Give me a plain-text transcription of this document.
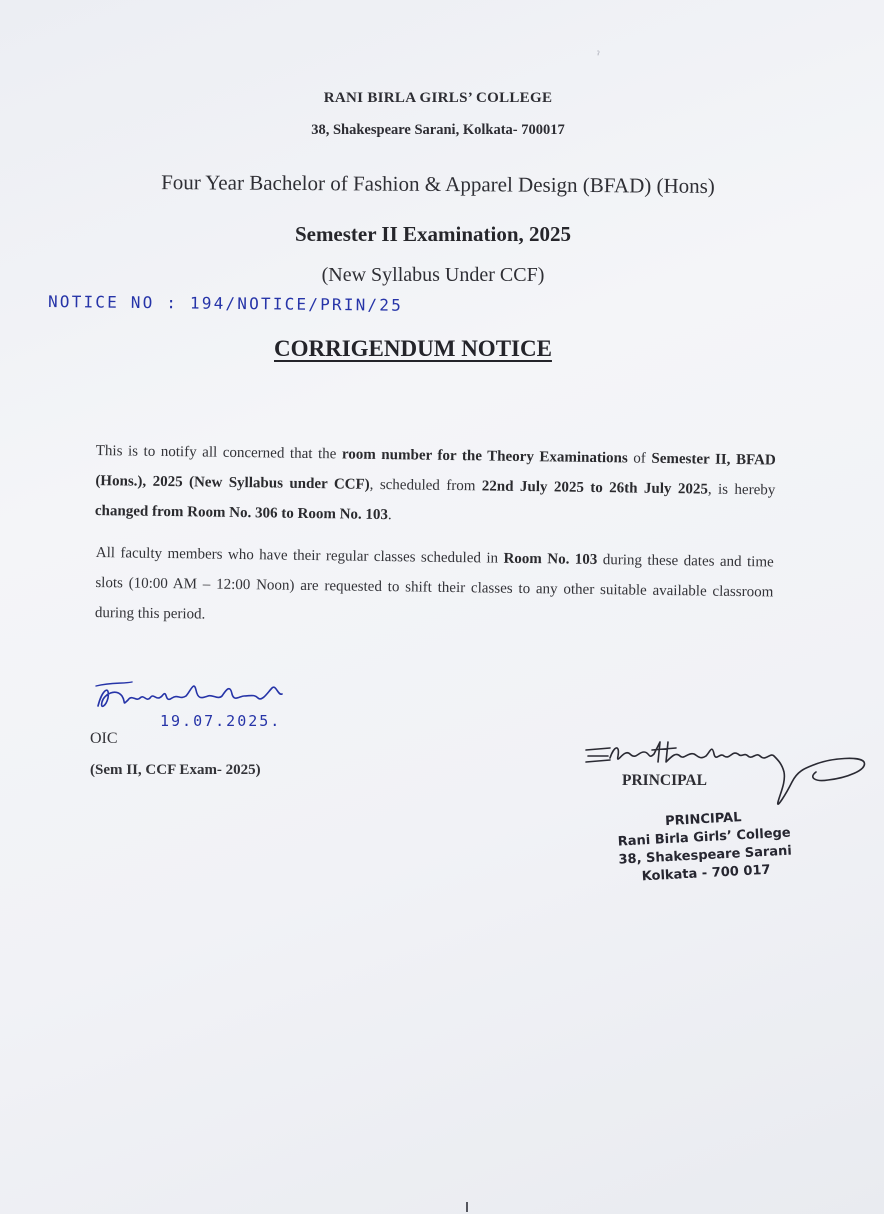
ˀ
RANI BIRLA GIRLS’ COLLEGE
38, Shakespeare Sarani, Kolkata- 700017
Four Year Bachelor of Fashion & Apparel Design (BFAD) (Hons)
Semester II Examination, 2025
(New Syllabus Under CCF)
NOTICE NO : 194/NOTICE/PRIN/25
CORRIGENDUM NOTICE
This is to notify all concerned that the room number for the Theory Examinations of Semester II, BFAD (Hons.), 2025 (New Syllabus under CCF), scheduled from 22nd July 2025 to 26th July 2025, is hereby changed from Room No. 306 to Room No. 103.
All faculty members who have their regular classes scheduled in Room No. 103 during these dates and time slots (10:00 AM – 12:00 Noon) are requested to shift their classes to any other suitable available classroom during this period.
19.07.2025.
OIC
(Sem II, CCF Exam- 2025)
PRINCIPAL
PRINCIPAL
Rani Birla Girls’ College
38, Shakespeare Sarani
Kolkata - 700 017
